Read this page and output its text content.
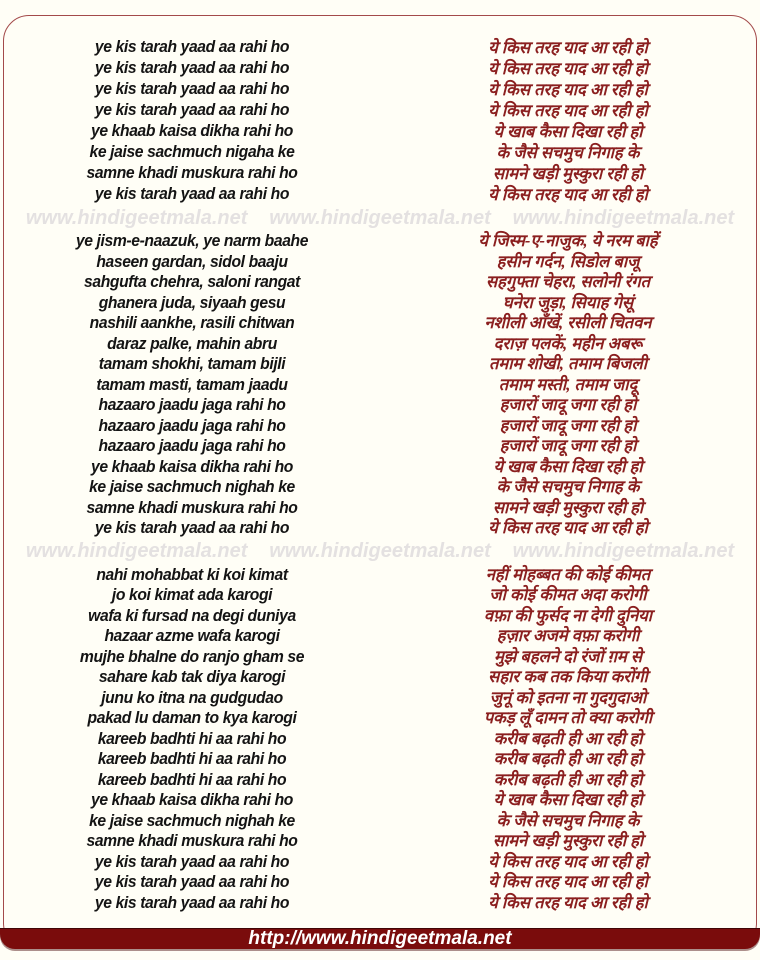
ye kis tarah yaad aa rahi ho
ye kis tarah yaad aa rahi ho
ye kis tarah yaad aa rahi ho
ye kis tarah yaad aa rahi ho
ye khaab kaisa dikha rahi ho
ke jaise sachmuch nigaha ke
samne khadi muskura rahi ho
ye kis tarah yaad aa rahi ho
ये किस तरह याद आ रही हो
ये किस तरह याद आ रही हो
ये किस तरह याद आ रही हो
ये किस तरह याद आ रही हो
ये खाब कैसा दिखा रही हो
के जैसे सचमुच निगाह के
सामने खड़ी मुस्कुरा रही हो
ये किस तरह याद आ रही हो
www.hindigeetmala.net www.hindigeetmala.net www.hindigeetmala.net
ye jism-e-naazuk, ye narm baahe
haseen gardan, sidol baaju
sahgufta chehra, saloni rangat
ghanera juda, siyaah gesu
nashili aankhe, rasili chitwan
daraz palke, mahin abru
tamam shokhi, tamam bijli
tamam masti, tamam jaadu
hazaaro jaadu jaga rahi ho
hazaaro jaadu jaga rahi ho
hazaaro jaadu jaga rahi ho
ye khaab kaisa dikha rahi ho
ke jaise sachmuch nighah ke
samne khadi muskura rahi ho
ye kis tarah yaad aa rahi ho
ये जिस्म-ए-नाजुक, ये नरम बाहें
हसीन गर्दन, सिडोल बाजू
सहगुफ्ता चेहरा, सलोनी रंगत
घनेरा जुड़ा, सियाह गेसूं
नशीली आँखें, रसीली चितवन
दराज़ पलकें, महीन अबरू
तमाम शोखी, तमाम बिजली
तमाम मस्ती, तमाम जादू
हजारों जादू जगा रही हो
हजारों जादू जगा रही हो
हजारों जादू जगा रही हो
ये खाब कैसा दिखा रही हो
के जैसे सचमुच निगाह के
सामने खड़ी मुस्कुरा रही हो
ये किस तरह याद आ रही हो
www.hindigeetmala.net www.hindigeetmala.net www.hindigeetmala.net
nahi mohabbat ki koi kimat
jo koi kimat ada karogi
wafa ki fursad na degi duniya
hazaar azme wafa karogi
mujhe bhalne do ranjo gham se
sahare kab tak diya karogi
junu ko itna na gudgudao
pakad lu daman to kya karogi
kareeb badhti hi aa rahi ho
kareeb badhti hi aa rahi ho
kareeb badhti hi aa rahi ho
ye khaab kaisa dikha rahi ho
ke jaise sachmuch nighah ke
samne khadi muskura rahi ho
ye kis tarah yaad aa rahi ho
ye kis tarah yaad aa rahi ho
ye kis tarah yaad aa rahi ho
नहीं मोहब्बत की कोई कीमत
जो कोई कीमत अदा करोगी
वफ़ा की फुर्सद ना देगी दुनिया
हज़ार अजमे वफ़ा करोगी
मुझे बहलने दो रंजों ग़म से
सहार कब तक किया करोंगी
जुनूं को इतना ना गुदगुदाओ
पकड़ लूँ दामन तो क्या करोगी
करीब बढ़ती ही आ रही हो
करीब बढ़ती ही आ रही हो
करीब बढ़ती ही आ रही हो
ये खाब कैसा दिखा रही हो
के जैसे सचमुच निगाह के
सामने खड़ी मुस्कुरा रही हो
ये किस तरह याद आ रही हो
ये किस तरह याद आ रही हो
ये किस तरह याद आ रही हो
http://www.hindigeetmala.net
